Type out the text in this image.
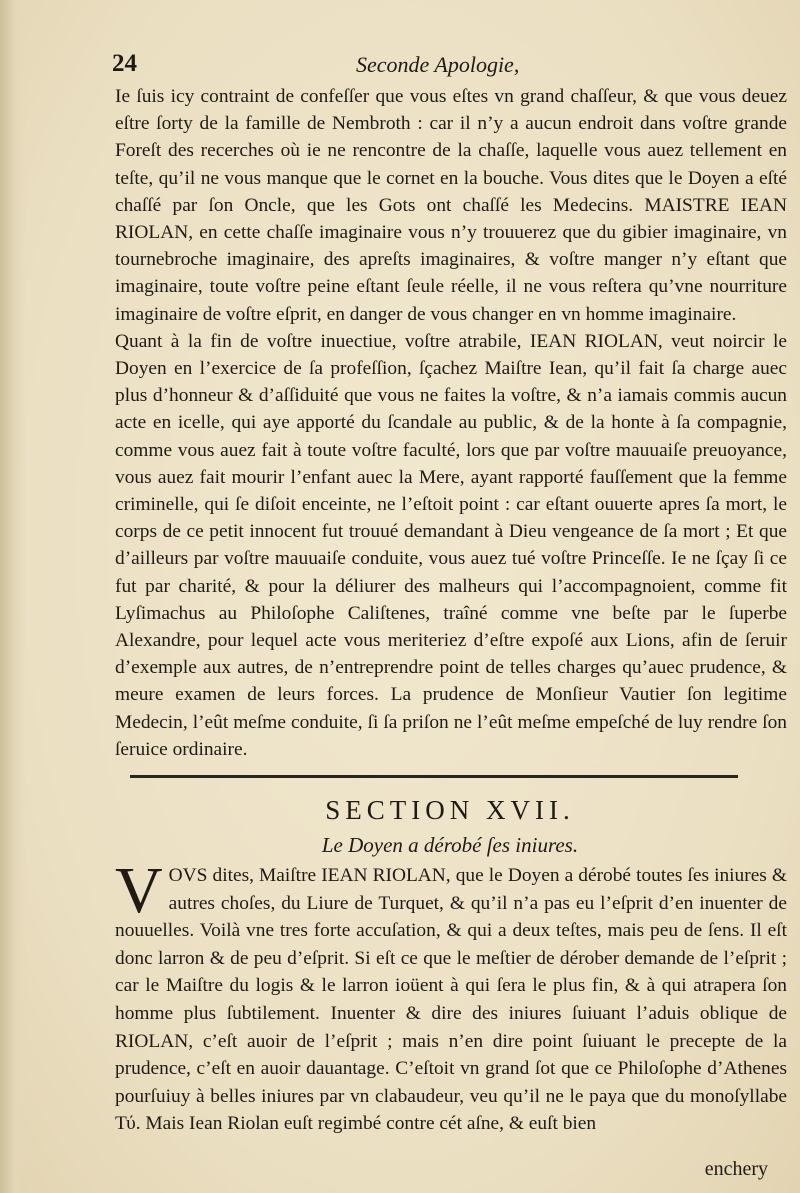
24	Seconde Apologie,

Ie ſuis icy contraint de confeſſer que vous eſtes vn grand chaſſeur, & que vous deuez eſtre ſorty de la famille de Nembroth : car il n’y a aucun endroit dans voſtre grande Foreſt des recerches où ie ne rencontre de la chaſſe, laquelle vous auez tellement en teſte, qu’il ne vous manque que le cornet en la bouche. Vous dites que le Doyen a eſté chaſſé par ſon Oncle, que les Gots ont chaſſé les Medecins. MAISTRE IEAN RIOLAN, en cette chaſſe imaginaire vous n’y trouuerez que du gibier imaginaire, vn tournebroche imaginaire, des apreſts imaginaires, & voſtre manger n’y eſtant que imaginaire, toute voſtre peine eſtant ſeule réelle, il ne vous reſtera qu’vne nourriture imaginaire de voſtre eſprit, en danger de vous changer en vn homme imaginaire.

Quant à la fin de voſtre inuectiue, voſtre atrabile, IEAN RIOLAN, veut noircir le Doyen en l’exercice de ſa profeſſion, ſçachez Maiſtre Iean, qu’il fait ſa charge auec plus d’honneur & d’aſſiduité que vous ne faites la voſtre, & n’a iamais commis aucun acte en icelle, qui aye apporté du ſcandale au public, & de la honte à ſa compagnie, comme vous auez fait à toute voſtre faculté, lors que par voſtre mauuaiſe preuoyance, vous auez fait mourir l’enfant auec la Mere, ayant rapporté fauſſement que la femme criminelle, qui ſe diſoit enceinte, ne l’eſtoit point : car eſtant ouuerte apres ſa mort, le corps de ce petit innocent fut trouué demandant à Dieu vengeance de ſa mort ; Et que d’ailleurs par voſtre mauuaiſe conduite, vous auez tué voſtre Princeſſe. Ie ne ſçay ſi ce fut par charité, & pour la déliurer des malheurs qui l’accompagnoient, comme fit Lyſimachus au Philoſophe Caliſtenes, traîné comme vne beſte par le ſuperbe Alexandre, pour lequel acte vous meriteriez d’eſtre expoſé aux Lions, afin de ſeruir d’exemple aux autres, de n’entreprendre point de telles charges qu’auec prudence, & meure examen de leurs forces. La prudence de Monſieur Vautier ſon legitime Medecin, l’eût meſme conduite, ſi ſa priſon ne l’eût meſme empeſché de luy rendre ſon ſeruice ordinaire.

SECTION XVII.
Le Doyen a dérobé ſes iniures.

V OVS dites, Maiſtre IEAN RIOLAN, que le Doyen a dérobé toutes ſes iniures & autres choſes, du Liure de Turquet, & qu’il n’a pas eu l’eſprit d’en inuenter de nouuelles. Voilà vne tres forte accuſation, & qui a deux teſtes, mais peu de ſens. Il eſt donc larron & de peu d’eſprit. Si eſt ce que le meſtier de dérober demande de l’eſprit ; car le Maiſtre du logis & le larron ioüent à qui ſera le plus fin, & à qui atrapera ſon homme plus ſubtilement. Inuenter & dire des iniures ſuiuant l’aduis oblique de RIOLAN, c’eſt auoir de l’eſprit ; mais n’en dire point ſuiuant le precepte de la prudence, c’eſt en auoir dauantage. C’eſtoit vn grand ſot que ce Philoſophe d’Athenes pourſuiuy à belles iniures par vn clabaudeur, veu qu’il ne le paya que du monoſyllabe Τύ. Mais Iean Riolan euſt regimbé contre cét aſne, & euſt bien

enchery
